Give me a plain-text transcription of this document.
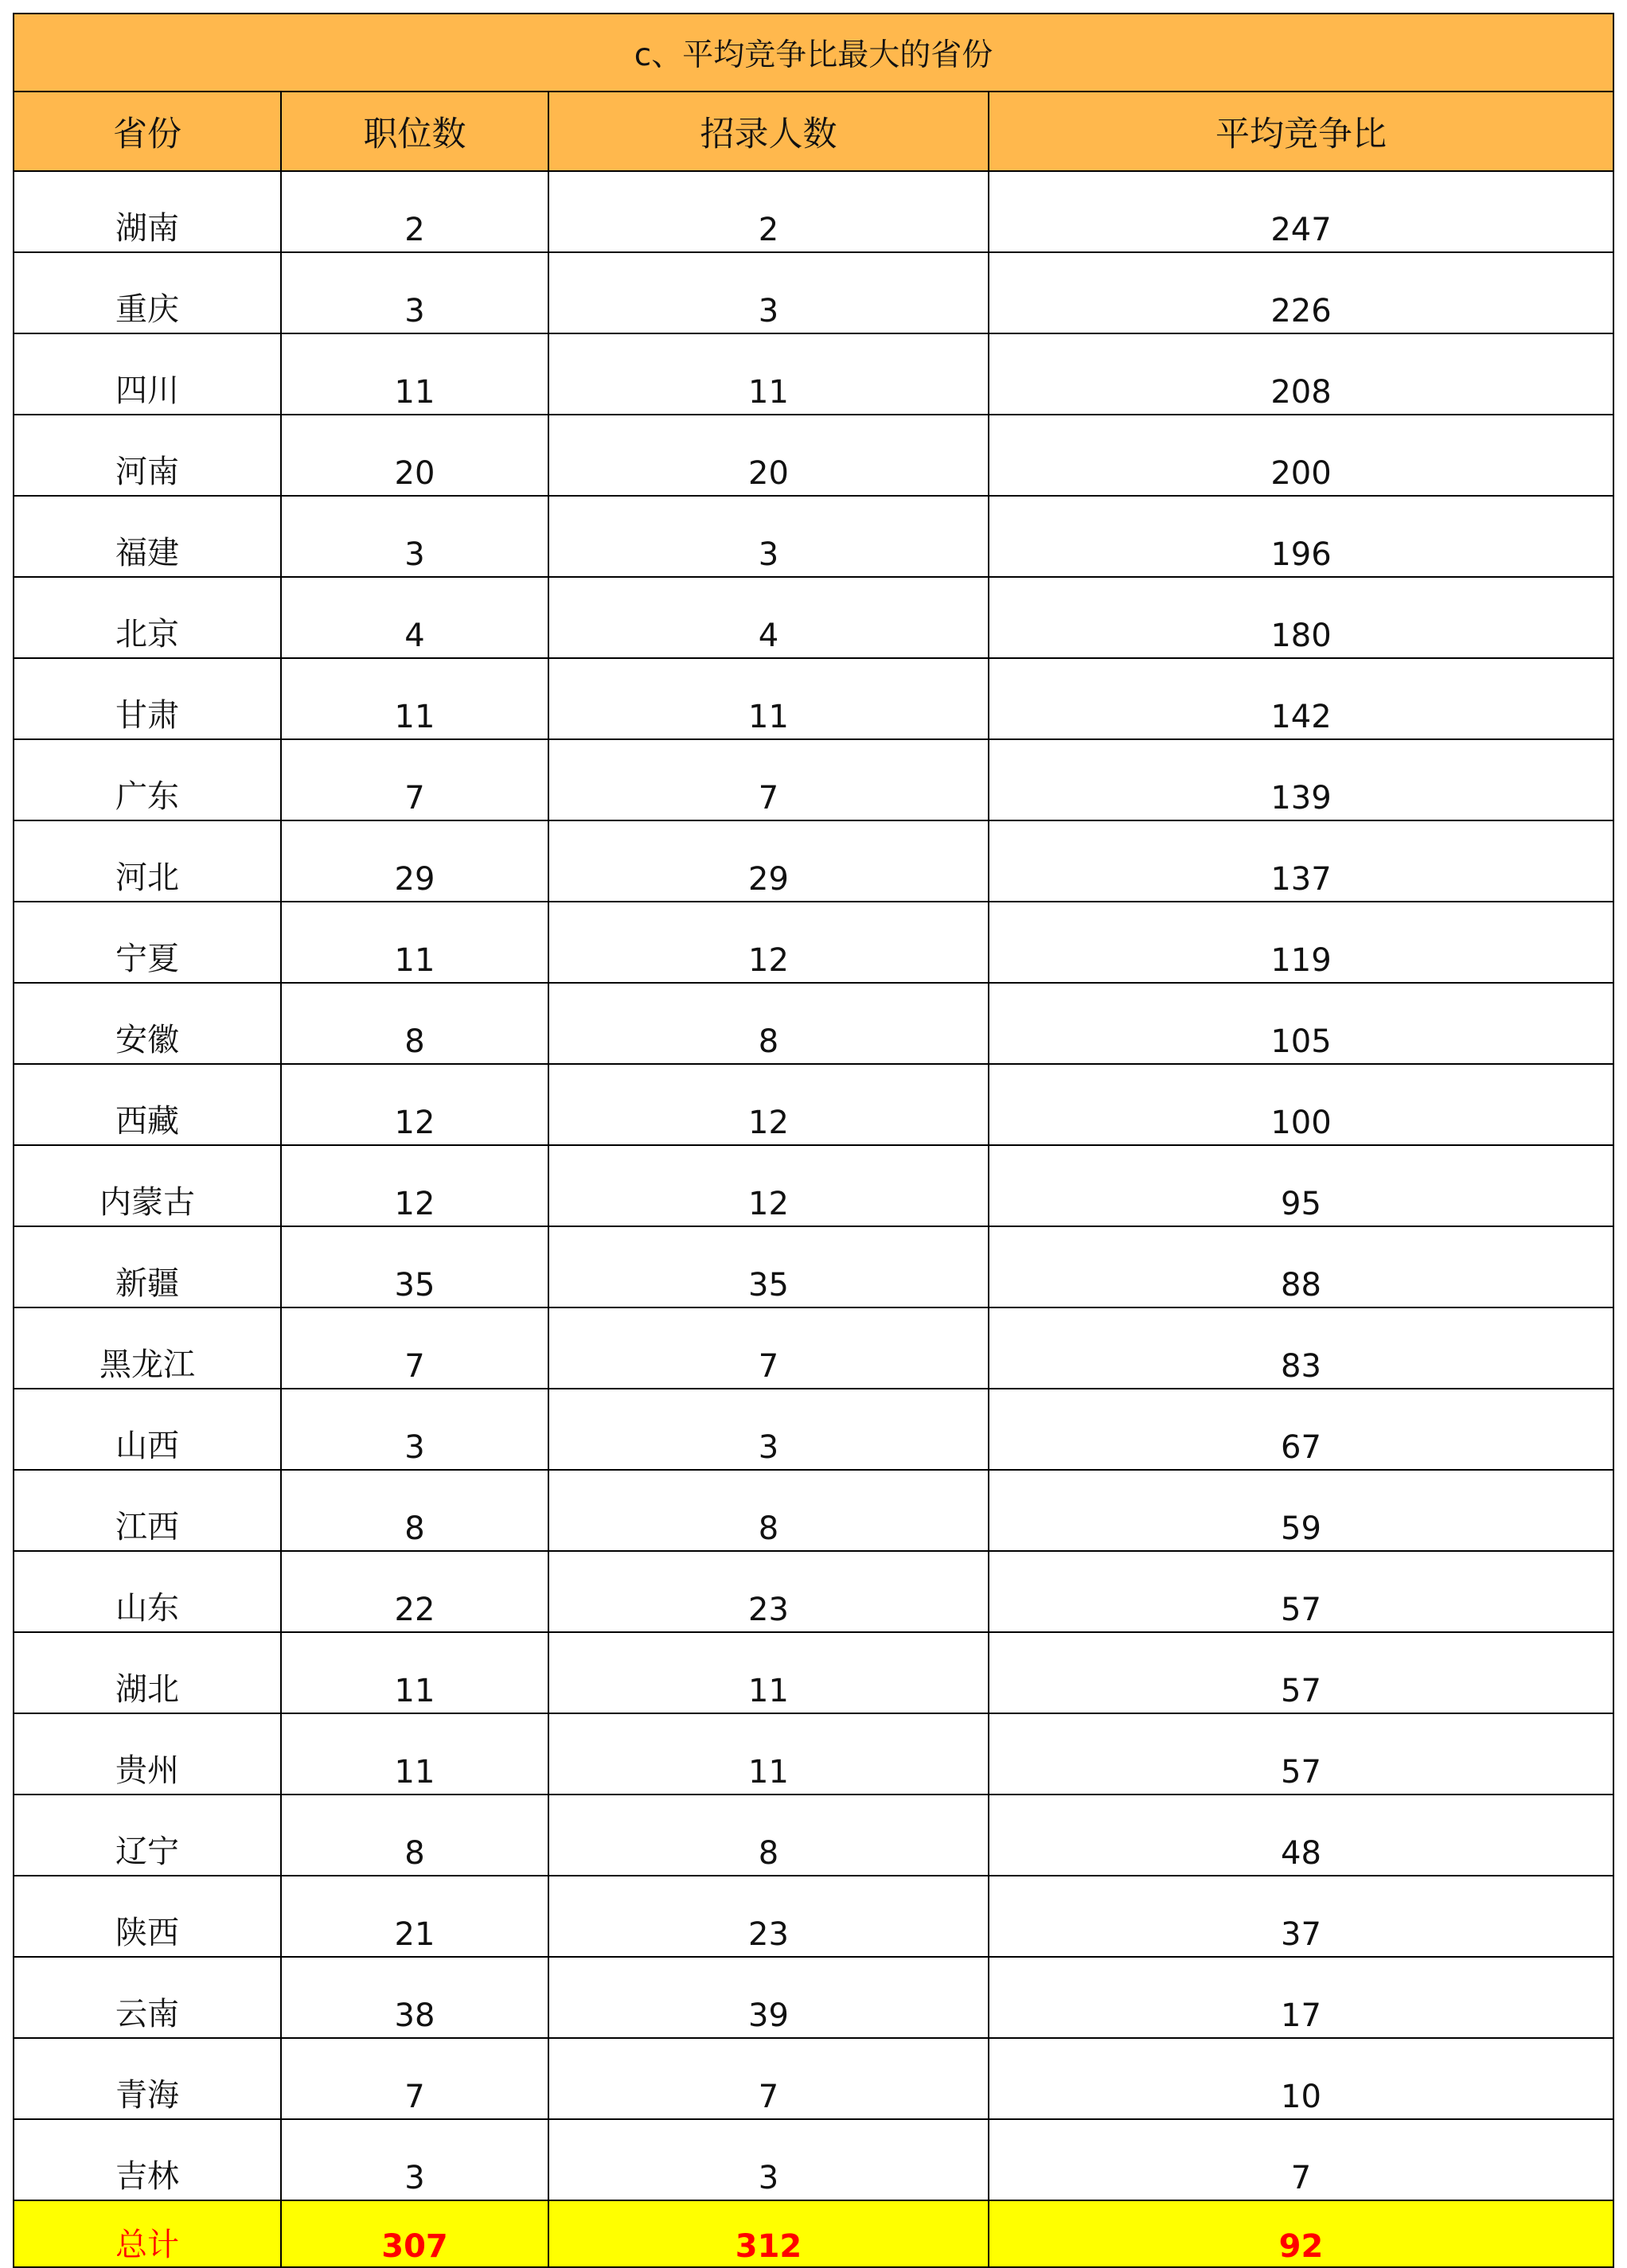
c、平均竞争比最大的省份			
省份	职位数	招录人数	平均竞争比
湖南	2	2	247
重庆	3	3	226
四川	11	11	208
河南	20	20	200
福建	3	3	196
北京	4	4	180
甘肃	11	11	142
广东	7	7	139
河北	29	29	137
宁夏	11	12	119
安徽	8	8	105
西藏	12	12	100
内蒙古	12	12	95
新疆	35	35	88
黑龙江	7	7	83
山西	3	3	67
江西	8	8	59
山东	22	23	57
湖北	11	11	57
贵州	11	11	57
辽宁	8	8	48
陕西	21	23	37
云南	38	39	17
青海	7	7	10
吉林	3	3	7
总计	307	312	92
